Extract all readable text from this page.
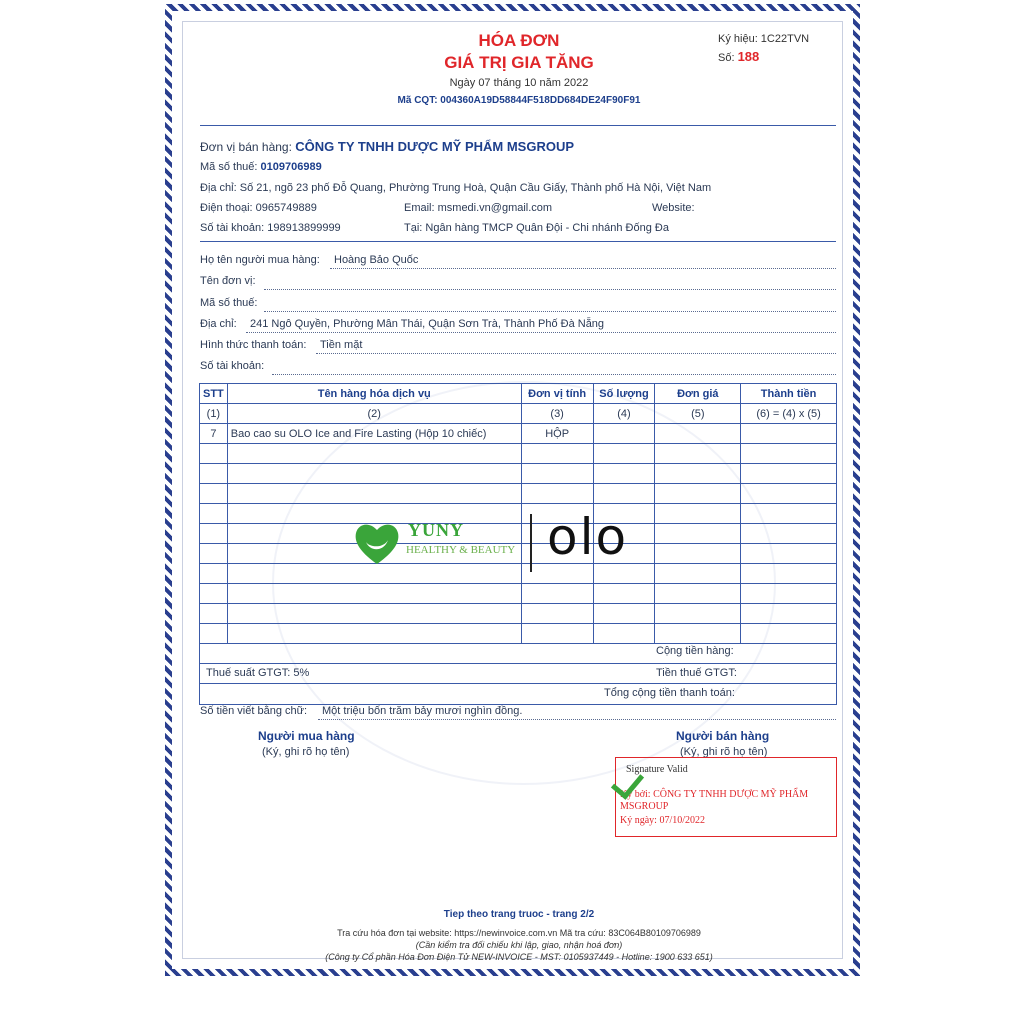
HÓA ĐƠN
GIÁ TRỊ GIA TĂNG
Ngày 07 tháng 10 năm 2022
Mã CQT: 004360A19D58844F518DD684DE24F90F91
Ký hiệu: 1C22TVN
Số: 188
Đơn vị bán hàng: CÔNG TY TNHH DƯỢC MỸ PHẨM MSGROUP
Mã số thuế: 0109706989
Địa chỉ: Số 21, ngõ 23 phố Đỗ Quang, Phường Trung Hoà, Quận Cầu Giấy, Thành phố Hà Nội, Việt Nam
Điện thoại: 0965749889	Email: msmedi.vn@gmail.com	Website:
Số tài khoản: 198913899999	Tại: Ngân hàng TMCP Quân Đội - Chi nhánh Đống Đa
Họ tên người mua hàng: Hoàng Bảo Quốc
Tên đơn vị:
Mã số thuế:
Địa chỉ: 241 Ngô Quyền, Phường Mân Thái, Quận Sơn Trà, Thành Phố Đà Nẵng
Hình thức thanh toán: Tiền mặt
Số tài khoản:
STT	Tên hàng hóa dịch vụ	Đơn vị tính	Số lượng	Đơn giá	Thành tiền
(1)	(2)	(3)	(4)	(5)	(6) = (4) x (5)
7	Bao cao su OLO Ice and Fire Lasting (Hộp 10 chiếc)	HỘP			

Cộng tiền hàng:
Thuế suất GTGT: 5%	Tiền thuế GTGT:
Tổng cộng tiền thanh toán:
Số tiền viết bằng chữ: Một triệu bốn trăm bảy mươi nghìn đồng.
Người mua hàng
(Ký, ghi rõ họ tên)
Người bán hàng
(Ký, ghi rõ họ tên)
Signature Valid
Ký bởi: CÔNG TY TNHH DƯỢC MỸ PHẨM MSGROUP
Ký ngày: 07/10/2022
Tiep theo trang truoc - trang 2/2
Tra cứu hóa đơn tại website: https://newinvoice.com.vn Mã tra cứu: 83C064B80109706989
(Cần kiểm tra đối chiếu khi lập, giao, nhận hoá đơn)
(Công ty Cổ phần Hóa Đơn Điện Tử NEW-INVOICE - MST: 0105937449 - Hotline: 1900 633 651)
YUNY
HEALTHY & BEAUTY olo
